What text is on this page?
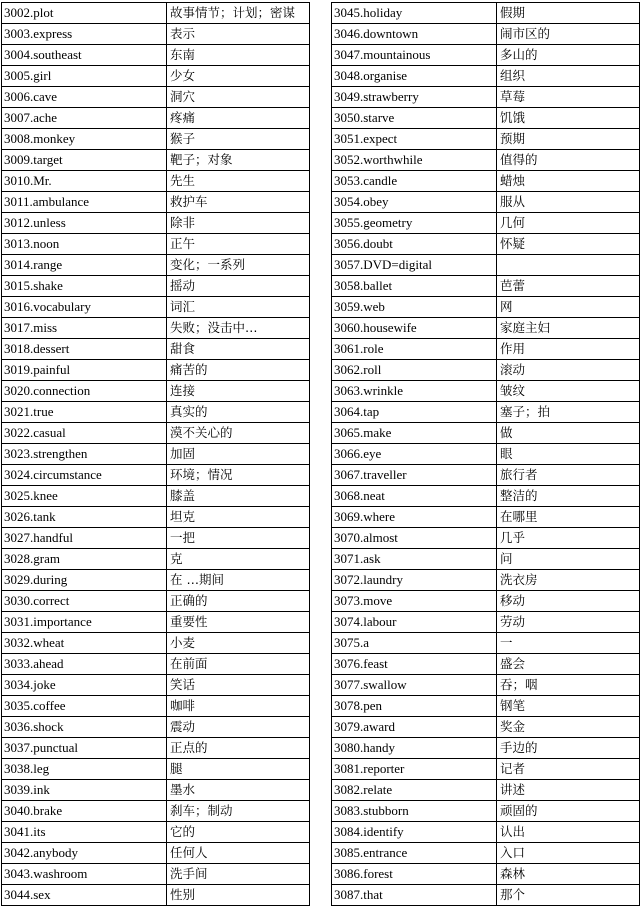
3002.plot	故事情节；计划；密谋
3003.express	表示
3004.southeast	东南
3005.girl	少女
3006.cave	洞穴
3007.ache	疼痛
3008.monkey	猴子
3009.target	靶子；对象
3010.Mr.	先生
3011.ambulance	救护车
3012.unless	除非
3013.noon	正午
3014.range	变化；一系列
3015.shake	摇动
3016.vocabulary	词汇
3017.miss	失败；没击中…
3018.dessert	甜食
3019.painful	痛苦的
3020.connection	连接
3021.true	真实的
3022.casual	漠不关心的
3023.strengthen	加固
3024.circumstance	环境；情况
3025.knee	膝盖
3026.tank	坦克
3027.handful	一把
3028.gram	克
3029.during	在 …期间
3030.correct	正确的
3031.importance	重要性
3032.wheat	小麦
3033.ahead	在前面
3034.joke	笑话
3035.coffee	咖啡
3036.shock	震动
3037.punctual	正点的
3038.leg	腿
3039.ink	墨水
3040.brake	刹车；制动
3041.its	它的
3042.anybody	任何人
3043.washroom	洗手间
3044.sex	性别
3045.holiday	假期
3046.downtown	闹市区的
3047.mountainous	多山的
3048.organise	组织
3049.strawberry	草莓
3050.starve	饥饿
3051.expect	预期
3052.worthwhile	值得的
3053.candle	蜡烛
3054.obey	服从
3055.geometry	几何
3056.doubt	怀疑
3057.DVD=digital	
3058.ballet	芭蕾
3059.web	网
3060.housewife	家庭主妇
3061.role	作用
3062.roll	滚动
3063.wrinkle	皱纹
3064.tap	塞子；拍
3065.make	做
3066.eye	眼
3067.traveller	旅行者
3068.neat	整洁的
3069.where	在哪里
3070.almost	几乎
3071.ask	问
3072.laundry	洗衣房
3073.move	移动
3074.labour	劳动
3075.a	一
3076.feast	盛会
3077.swallow	吞；咽
3078.pen	钢笔
3079.award	奖金
3080.handy	手边的
3081.reporter	记者
3082.relate	讲述
3083.stubborn	顽固的
3084.identify	认出
3085.entrance	入口
3086.forest	森林
3087.that	那个
